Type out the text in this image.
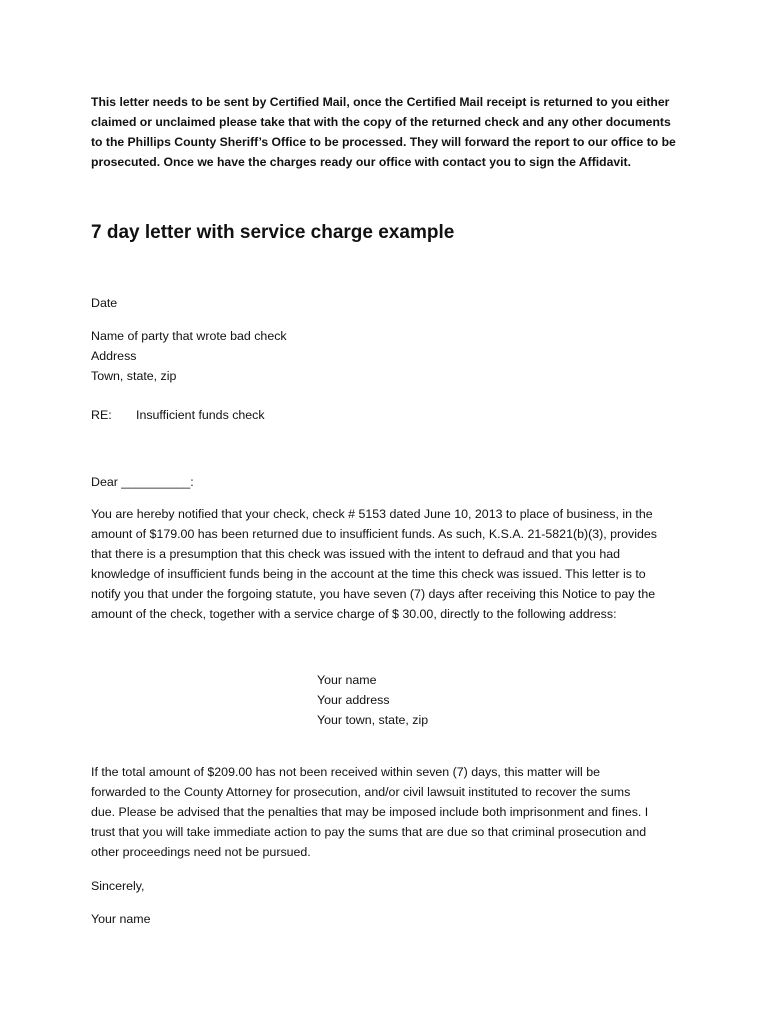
This letter needs to be sent by Certified Mail, once the Certified Mail receipt is returned to you either
claimed or unclaimed please take that with the copy of the returned check and any other documents
to the Phillips County Sheriff’s Office to be processed. They will forward the report to our office to be
prosecuted. Once we have the charges ready our office with contact you to sign the Affidavit.
7 day letter with service charge example
Date
Name of party that wrote bad check
Address
Town, state, zip
RE: Insufficient funds check
Dear __________:
You are hereby notified that your check, check # 5153 dated June 10, 2013 to place of business, in the
amount of $179.00 has been returned due to insufficient funds. As such, K.S.A. 21-5821(b)(3), provides
that there is a presumption that this check was issued with the intent to defraud and that you had
knowledge of insufficient funds being in the account at the time this check was issued. This letter is to
notify you that under the forgoing statute, you have seven (7) days after receiving this Notice to pay the
amount of the check, together with a service charge of $ 30.00, directly to the following address:
Your name
Your address
Your town, state, zip
If the total amount of $209.00 has not been received within seven (7) days, this matter will be
forwarded to the County Attorney for prosecution, and/or civil lawsuit instituted to recover the sums
due. Please be advised that the penalties that may be imposed include both imprisonment and fines. I
trust that you will take immediate action to pay the sums that are due so that criminal prosecution and
other proceedings need not be pursued.
Sincerely,
Your name
